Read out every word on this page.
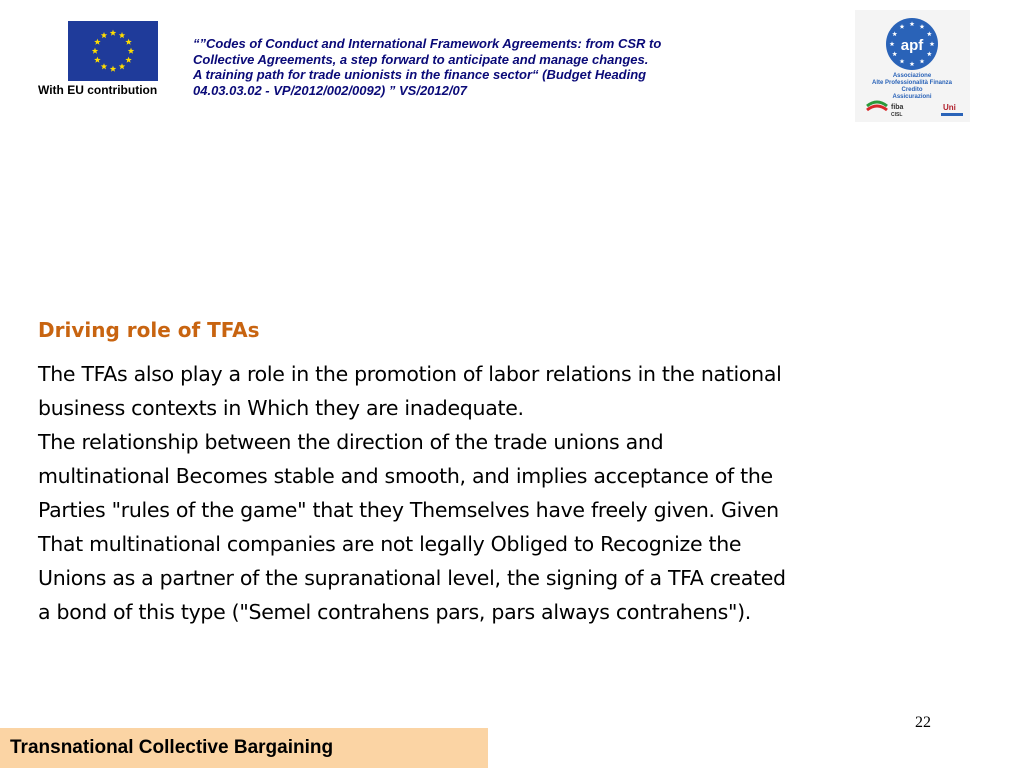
With EU contribution
“”Codes of Conduct and International Framework Agreements: from CSR to
Collective Agreements, a step forward to anticipate and manage changes.
A training path for trade unionists in the finance sector“ (Budget Heading
04.03.03.02 - VP/2012/002/0092) ” VS/2012/07
apf
Associazione
Alte Professionalità Finanza
Credito
Assicurazioni
fiba
CISL
Uni
Driving role of TFAs
The TFAs also play a role in the promotion of labor relations in the national
business contexts in Which they are inadequate.
The relationship between the direction of the trade unions and
multinational Becomes stable and smooth, and implies acceptance of the
Parties "rules of the game" that they Themselves have freely given. Given
That multinational companies are not legally Obliged to Recognize the
Unions as a partner of the supranational level, the signing of a TFA created
a bond of this type ("Semel contrahens pars, pars always contrahens").
22
Transnational Collective Bargaining
